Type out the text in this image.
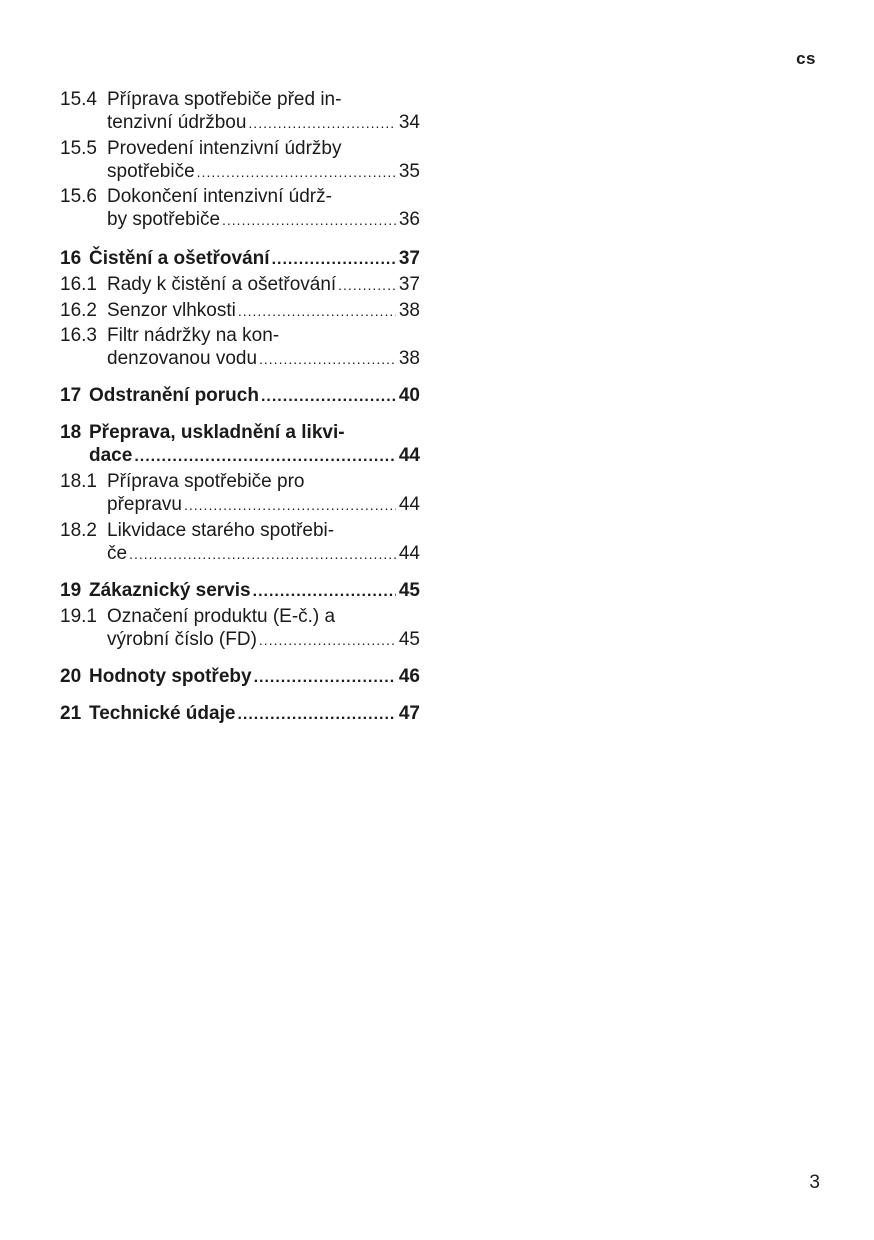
cs
15.4 Příprava spotřebiče před in-
tenzivní údržbou .....	34
15.5 Provedení intenzivní údržby
spotřebiče .....	35
15.6 Dokončení intenzivní údrž-
by spotřebiče .....	36
16 Čistění a ošetřování .....	37
16.1 Rady k čistění a ošetřování .....	37
16.2 Senzor vlhkosti .....	38
16.3 Filtr nádržky na kon-
denzovanou vodu .....	38
17 Odstranění poruch .....	40
18 Přeprava, uskladnění a likvi-
dace .....	44
18.1 Příprava spotřebiče pro
přepravu .....	44
18.2 Likvidace starého spotřebi-
če .....	44
19 Zákaznický servis .....	45
19.1 Označení produktu (E-č.) a
výrobní číslo (FD) .....	45
20 Hodnoty spotřeby .....	46
21 Technické údaje .....	47
3
